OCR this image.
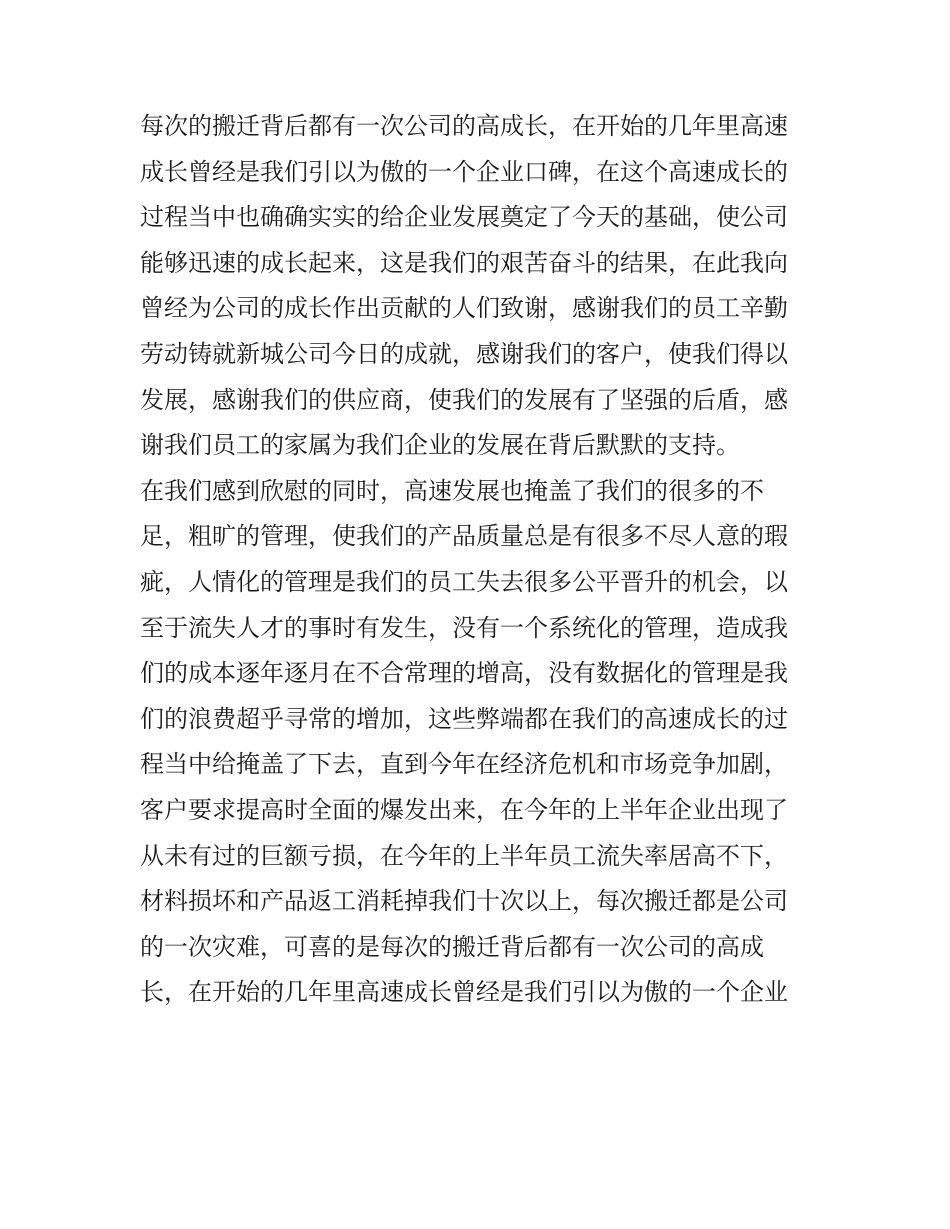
每次的搬迁背后都有一次公司的高成长，在开始的几年里高速
成长曾经是我们引以为傲的一个企业口碑，在这个高速成长的
过程当中也确确实实的给企业发展奠定了今天的基础，使公司
能够迅速的成长起来，这是我们的艰苦奋斗的结果，在此我向
曾经为公司的成长作出贡献的人们致谢，感谢我们的员工辛勤
劳动铸就新城公司今日的成就，感谢我们的客户，使我们得以
发展，感谢我们的供应商，使我们的发展有了坚强的后盾，感
谢我们员工的家属为我们企业的发展在背后默默的支持。
在我们感到欣慰的同时，高速发展也掩盖了我们的很多的不
足，粗旷的管理，使我们的产品质量总是有很多不尽人意的瑕
疵，人情化的管理是我们的员工失去很多公平晋升的机会，以
至于流失人才的事时有发生，没有一个系统化的管理，造成我
们的成本逐年逐月在不合常理的增高，没有数据化的管理是我
们的浪费超乎寻常的增加，这些弊端都在我们的高速成长的过
程当中给掩盖了下去，直到今年在经济危机和市场竞争加剧，
客户要求提高时全面的爆发出来，在今年的上半年企业出现了
从未有过的巨额亏损，在今年的上半年员工流失率居高不下，
材料损坏和产品返工消耗掉我们十次以上，每次搬迁都是公司
的一次灾难，可喜的是每次的搬迁背后都有一次公司的高成
长，在开始的几年里高速成长曾经是我们引以为傲的一个企业
